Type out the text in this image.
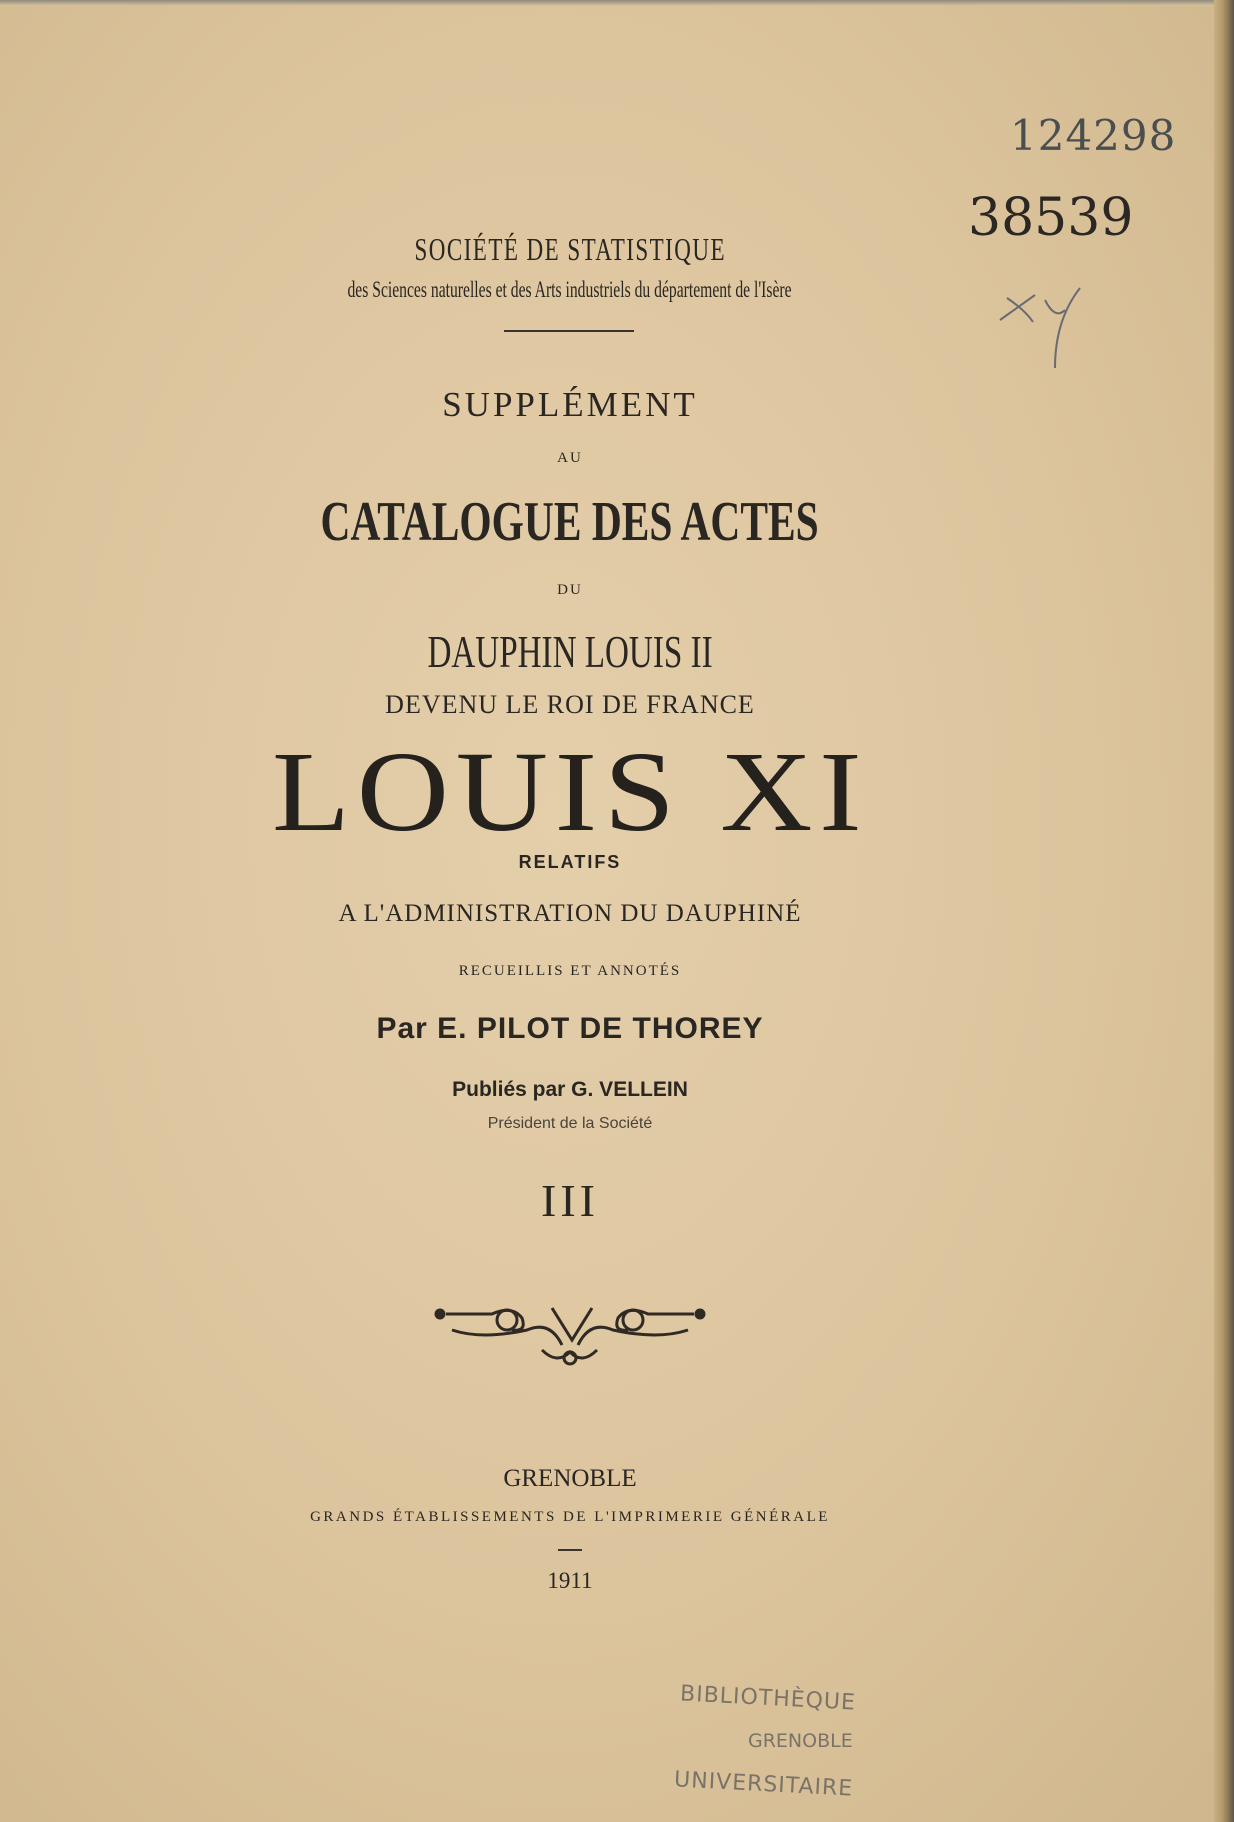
124298
38539
SOCIÉTÉ DE STATISTIQUE
des Sciences naturelles et des Arts industriels du département de l'Isère
SUPPLÉMENT
AU
CATALOGUE DES ACTES
DU
DAUPHIN LOUIS II
DEVENU LE ROI DE FRANCE
LOUIS XI
RELATIFS
A L'ADMINISTRATION DU DAUPHINÉ
RECUEILLIS ET ANNOTÉS
Par E. PILOT DE THOREY
Publiés par G. VELLEIN
Président de la Société
III
GRENOBLE
GRANDS ÉTABLISSEMENTS DE L'IMPRIMERIE GÉNÉRALE
1911
BIBLIOTHÈQUE
GRENOBLE
UNIVERSITAIRE
